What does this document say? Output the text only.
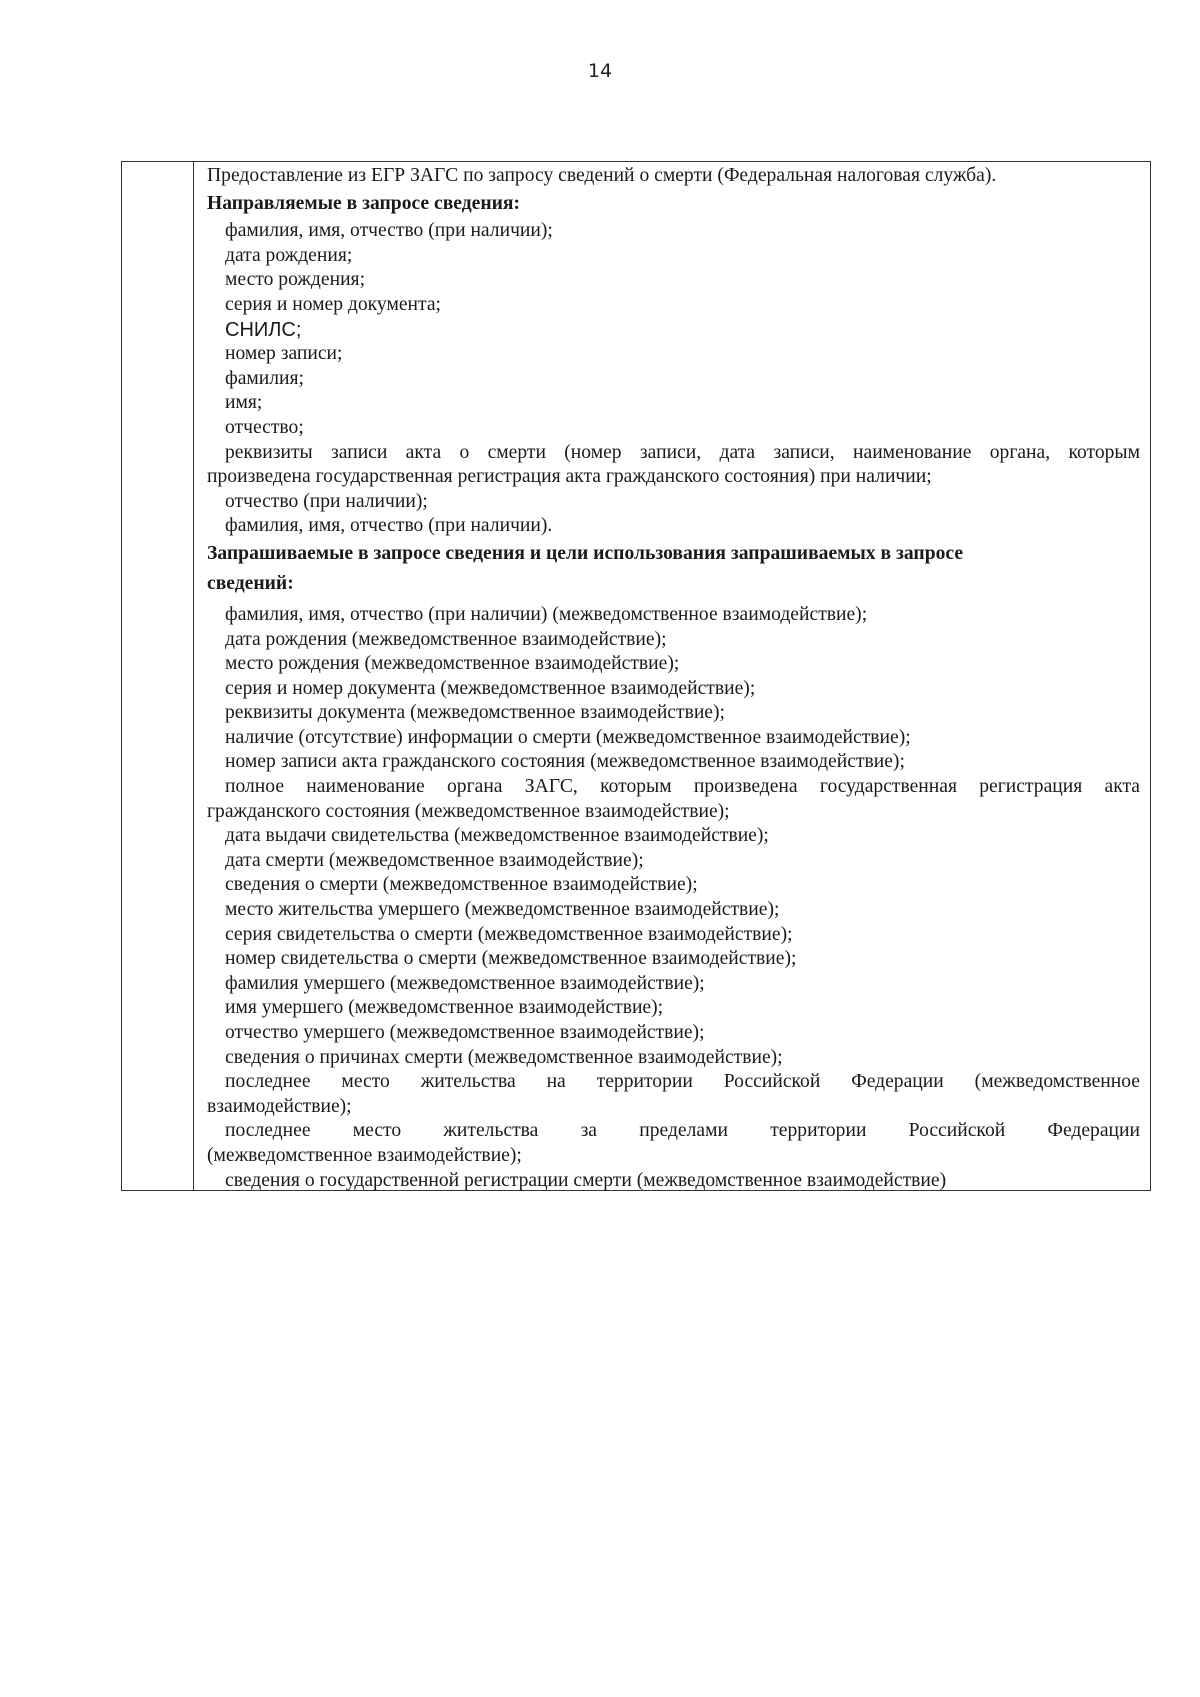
14
Предоставление из ЕГР ЗАГС по запросу сведений о смерти (Федеральная налоговая служба).
Направляемые в запросе сведения:
фамилия, имя, отчество (при наличии);
дата рождения;
место рождения;
серия и номер документа;
СНИЛС;
номер записи;
фамилия;
имя;
отчество;
реквизиты записи акта о смерти (номер записи, дата записи, наименование органа, которым
произведена государственная регистрация акта гражданского состояния) при наличии;
отчество (при наличии);
фамилия, имя, отчество (при наличии).
Запрашиваемые в запросе сведения и цели использования запрашиваемых в запросе
сведений:
фамилия, имя, отчество (при наличии) (межведомственное взаимодействие);
дата рождения (межведомственное взаимодействие);
место рождения (межведомственное взаимодействие);
серия и номер документа (межведомственное взаимодействие);
реквизиты документа (межведомственное взаимодействие);
наличие (отсутствие) информации о смерти (межведомственное взаимодействие);
номер записи акта гражданского состояния (межведомственное взаимодействие);
полное наименование органа ЗАГС, которым произведена государственная регистрация акта
гражданского состояния (межведомственное взаимодействие);
дата выдачи свидетельства (межведомственное взаимодействие);
дата смерти (межведомственное взаимодействие);
сведения о смерти (межведомственное взаимодействие);
место жительства умершего (межведомственное взаимодействие);
серия свидетельства о смерти (межведомственное взаимодействие);
номер свидетельства о смерти (межведомственное взаимодействие);
фамилия умершего (межведомственное взаимодействие);
имя умершего (межведомственное взаимодействие);
отчество умершего (межведомственное взаимодействие);
сведения о причинах смерти (межведомственное взаимодействие);
последнее место жительства на территории Российской Федерации (межведомственное
взаимодействие);
последнее место жительства за пределами территории Российской Федерации
(межведомственное взаимодействие);
сведения о государственной регистрации смерти (межведомственное взаимодействие)
